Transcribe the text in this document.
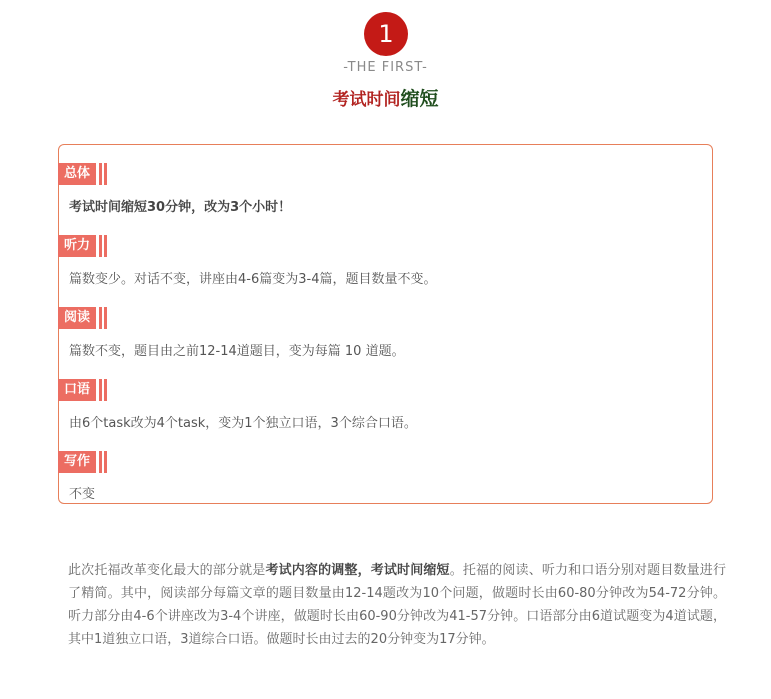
1
-THE FIRST-
考试时间缩短
总体
考试时间缩短30分钟，改为3个小时！
听力
篇数变少。对话不变，讲座由4-6篇变为3-4篇，题目数量不变。
阅读
篇数不变，题目由之前12-14道题目，变为每篇 10 道题。
口语
由6个task改为4个task，变为1个独立口语，3个综合口语。
写作
不变
此次托福改革变化最大的部分就是考试内容的调整，考试时间缩短。托福的阅读、听力和口语分别对题目数量进行了精简。其中，阅读部分每篇文章的题目数量由12-14题改为10个问题，做题时长由60-80分钟改为54-72分钟。听力部分由4-6个讲座改为3-4个讲座，做题时长由60-90分钟改为41-57分钟。口语部分由6道试题变为4道试题，其中1道独立口语，3道综合口语。做题时长由过去的20分钟变为17分钟。
